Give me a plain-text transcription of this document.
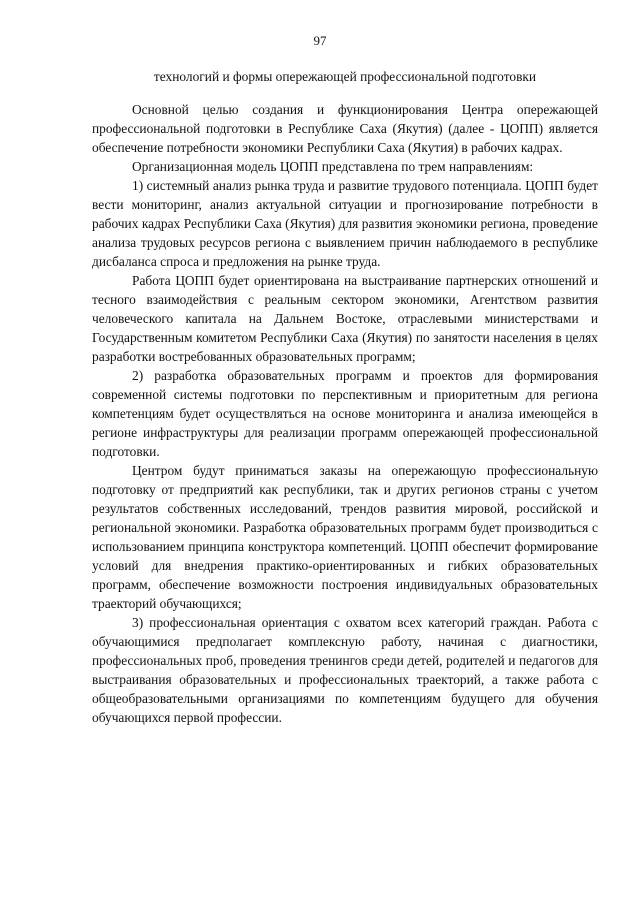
97
технологий и формы опережающей профессиональной подготовки

Основной целью создания и функционирования Центра опережающей профессиональной подготовки в Республике Саха (Якутия) (далее - ЦОПП) является обеспечение потребности экономики Республики Саха (Якутия) в рабочих кадрах.

Организационная модель ЦОПП представлена по трем направлениям:

1) системный анализ рынка труда и развитие трудового потенциала. ЦОПП будет вести мониторинг, анализ актуальной ситуации и прогнозирование потребности в рабочих кадрах Республики Саха (Якутия) для развития экономики региона, проведение анализа трудовых ресурсов региона с выявлением причин наблюдаемого в республике дисбаланса спроса и предложения на рынке труда.

Работа ЦОПП будет ориентирована на выстраивание партнерских отношений и тесного взаимодействия с реальным сектором экономики, Агентством развития человеческого капитала на Дальнем Востоке, отраслевыми министерствами и Государственным комитетом Республики Саха (Якутия) по занятости населения в целях разработки востребованных образовательных программ;

2) разработка образовательных программ и проектов для формирования современной системы подготовки по перспективным и приоритетным для региона компетенциям будет осуществляться на основе мониторинга и анализа имеющейся в регионе инфраструктуры для реализации программ опережающей профессиональной подготовки.

Центром будут приниматься заказы на опережающую профессиональную подготовку от предприятий как республики, так и других регионов страны с учетом результатов собственных исследований, трендов развития мировой, российской и региональной экономики. Разработка образовательных программ будет производиться с использованием принципа конструктора компетенций. ЦОПП обеспечит формирование условий для внедрения практико-ориентированных и гибких образовательных программ, обеспечение возможности построения индивидуальных образовательных траекторий обучающихся;

3) профессиональная ориентация с охватом всех категорий граждан. Работа с обучающимися предполагает комплексную работу, начиная с диагностики, профессиональных проб, проведения тренингов среди детей, родителей и педагогов для выстраивания образовательных и профессиональных траекторий, а также работа с общеобразовательными организациями по компетенциям будущего для обучения обучающихся первой профессии.
